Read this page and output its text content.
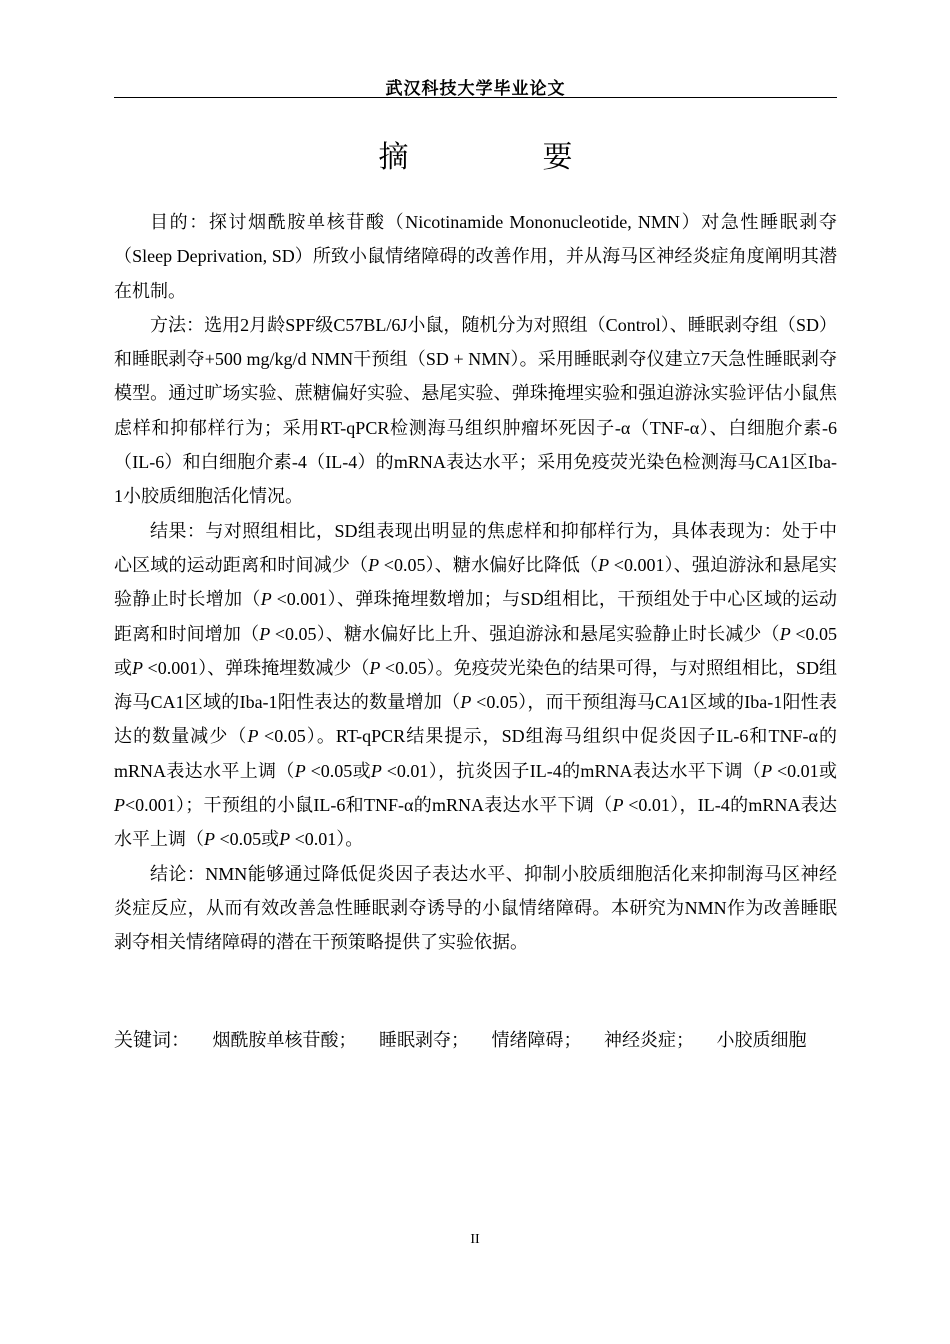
武汉科技大学毕业论文
摘　要

目的：探讨烟酰胺单核苷酸（Nicotinamide Mononucleotide, NMN）对急性睡眠剥夺（Sleep Deprivation, SD）所致小鼠情绪障碍的改善作用，并从海马区神经炎症角度阐明其潜在机制。

方法：选用2月龄SPF级C57BL/6J小鼠，随机分为对照组（Control）、睡眠剥夺组（SD）和睡眠剥夺+500 mg/kg/d NMN干预组（SD + NMN）。采用睡眠剥夺仪建立7天急性睡眠剥夺模型。通过旷场实验、蔗糖偏好实验、悬尾实验、弹珠掩埋实验和强迫游泳实验评估小鼠焦虑样和抑郁样行为；采用RT-qPCR检测海马组织肿瘤坏死因子-α（TNF-α）、白细胞介素-6（IL-6）和白细胞介素-4（IL-4）的mRNA表达水平；采用免疫荧光染色检测海马CA1区Iba-1小胶质细胞活化情况。

结果：与对照组相比，SD组表现出明显的焦虑样和抑郁样行为，具体表现为：处于中心区域的运动距离和时间减少（P <0.05）、糖水偏好比降低（P <0.001）、强迫游泳和悬尾实验静止时长增加（P <0.001）、弹珠掩埋数增加；与SD组相比，干预组处于中心区域的运动距离和时间增加（P <0.05）、糖水偏好比上升、强迫游泳和悬尾实验静止时长减少（P <0.05或P <0.001）、弹珠掩埋数减少（P <0.05）。免疫荧光染色的结果可得，与对照组相比，SD组海马CA1区域的Iba-1阳性表达的数量增加（P <0.05），而干预组海马CA1区域的Iba-1阳性表达的数量减少（P <0.05）。RT-qPCR结果提示，SD组海马组织中促炎因子IL-6和TNF-α的mRNA表达水平上调（P <0.05或P <0.01），抗炎因子IL-4的mRNA表达水平下调（P <0.01或P<0.001）；干预组的小鼠IL-6和TNF-α的mRNA表达水平下调（P <0.01），IL-4的mRNA表达水平上调（P <0.05或P <0.01）。

结论：NMN能够通过降低促炎因子表达水平、抑制小胶质细胞活化来抑制海马区神经炎症反应，从而有效改善急性睡眠剥夺诱导的小鼠情绪障碍。本研究为NMN作为改善睡眠剥夺相关情绪障碍的潜在干预策略提供了实验依据。

关键词： 烟酰胺单核苷酸； 睡眠剥夺； 情绪障碍； 神经炎症； 小胶质细胞
II
